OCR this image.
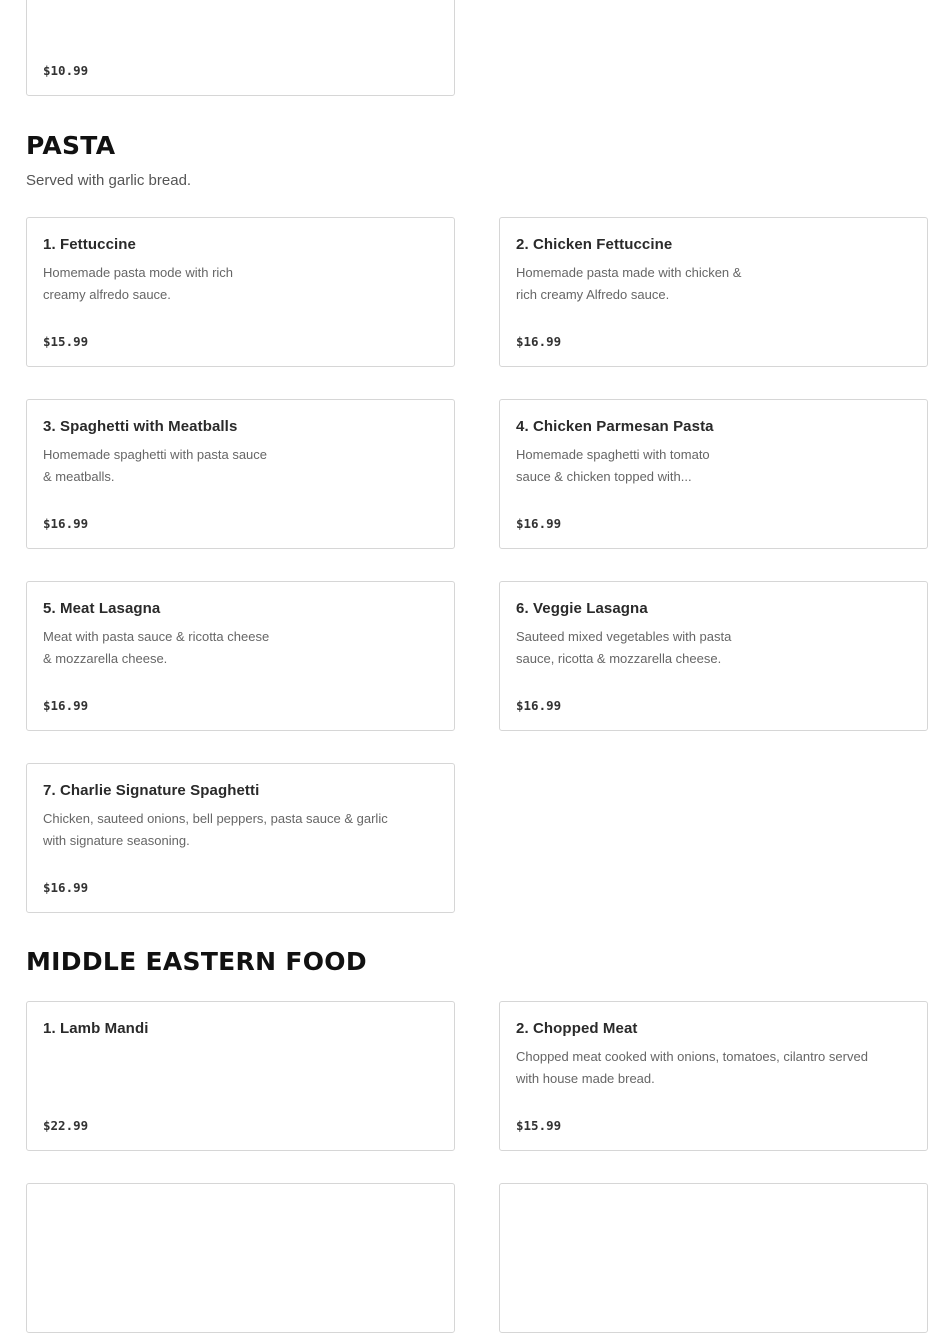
$10.99
PASTA

Served with garlic bread.

1. Fettuccine

Homemade pasta mode with rich
creamy alfredo sauce.

$15.99
2. Chicken Fettuccine

Homemade pasta made with chicken &
rich creamy Alfredo sauce.

$16.99
3. Spaghetti with Meatballs

Homemade spaghetti with pasta sauce
& meatballs.

$16.99
4. Chicken Parmesan Pasta

Homemade spaghetti with tomato
sauce & chicken topped with...

$16.99
5. Meat Lasagna

Meat with pasta sauce & ricotta cheese
& mozzarella cheese.

$16.99
6. Veggie Lasagna

Sauteed mixed vegetables with pasta
sauce, ricotta & mozzarella cheese.

$16.99
7. Charlie Signature Spaghetti

Chicken, sauteed onions, bell peppers, pasta sauce & garlic
with signature seasoning.

$16.99
MIDDLE EASTERN FOOD
1. Lamb Mandi
$22.99
2. Chopped Meat

Chopped meat cooked with onions, tomatoes, cilantro served
with house made bread.

$15.99
